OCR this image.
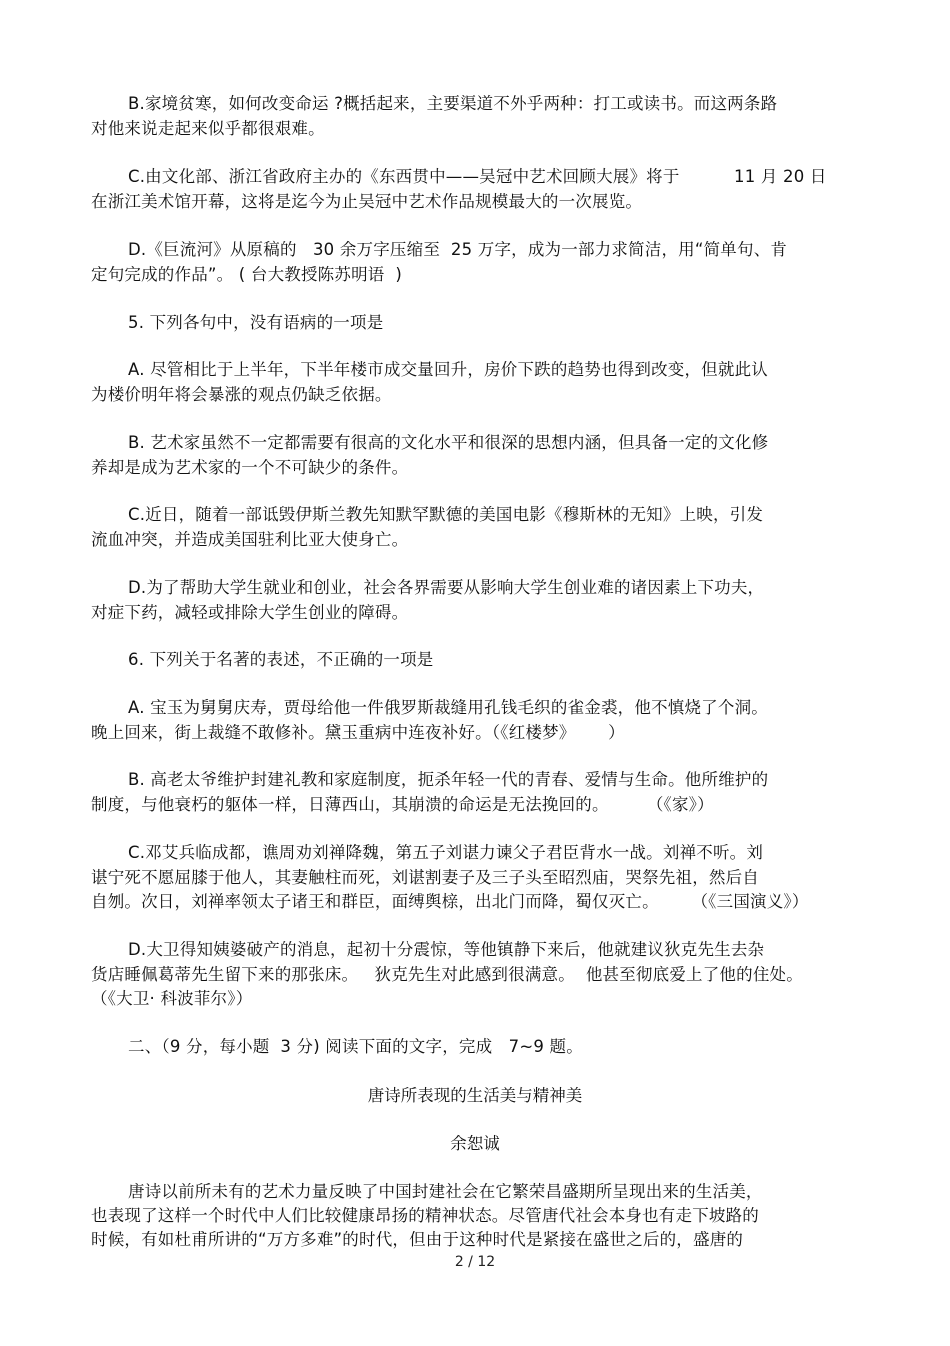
B.家境贫寒，如何改变命运 ?概括起来，主要渠道不外乎两种：打工或读书。而这两条路
对他来说走起来似乎都很艰难。
C.由文化部、浙江省政府主办的《东西贯中——吴冠中艺术回顾大展》将于          11 月 20 日
在浙江美术馆开幕，这将是迄今为止吴冠中艺术作品规模最大的一次展览。
D.《巨流河》从原稿的   30 余万字压缩至  25 万字，成为一部力求简洁，用“简单句、肯
定句完成的作品”。 ( 台大教授陈苏明语  )
5. 下列各句中，没有语病的一项是
A. 尽管相比于上半年，下半年楼市成交量回升，房价下跌的趋势也得到改变，但就此认
为楼价明年将会暴涨的观点仍缺乏依据。
B. 艺术家虽然不一定都需要有很高的文化水平和很深的思想内涵，但具备一定的文化修
养却是成为艺术家的一个不可缺少的条件。
C.近日，随着一部诋毁伊斯兰教先知默罕默德的美国电影《穆斯林的无知》上映，引发
流血冲突，并造成美国驻利比亚大使身亡。
D.为了帮助大学生就业和创业，社会各界需要从影响大学生创业难的诸因素上下功夫，
对症下药，减轻或排除大学生创业的障碍。
6. 下列关于名著的表述，不正确的一项是
A. 宝玉为舅舅庆寿，贾母给他一件俄罗斯裁缝用孔钱毛织的雀金裘，他不慎烧了个洞。
晚上回来，街上裁缝不敢修补。黛玉重病中连夜补好。（《红楼梦》      ）
B. 高老太爷维护封建礼教和家庭制度，扼杀年轻一代的青春、爱情与生命。他所维护的
制度，与他衰朽的躯体一样，日薄西山，其崩溃的命运是无法挽回的。       （《家》）
C.邓艾兵临成都，谯周劝刘禅降魏，第五子刘谌力谏父子君臣背水一战。刘禅不听。刘
谌宁死不愿屈膝于他人，其妻触柱而死，刘谌割妻子及三子头至昭烈庙，哭祭先祖，然后自
自刎。次日，刘禅率领太子诸王和群臣，面缚舆榇，出北门而降，蜀仅灭亡。      （《三国演义》）
D.大卫得知姨婆破产的消息，起初十分震惊，等他镇静下来后，他就建议狄克先生去杂
货店睡佩葛蒂先生留下来的那张床。   狄克先生对此感到很满意。  他甚至彻底爱上了他的住处。
（《大卫· 科波菲尔》）
二、（9 分，每小题  3 分) 阅读下面的文字，完成   7~9 题。
唐诗所表现的生活美与精神美
余恕诚
唐诗以前所未有的艺术力量反映了中国封建社会在它繁荣昌盛期所呈现出来的生活美，
也表现了这样一个时代中人们比较健康昂扬的精神状态。尽管唐代社会本身也有走下坡路的
时候，有如杜甫所讲的“万方多难”的时代，但由于这种时代是紧接在盛世之后的，盛唐的
2 / 12
